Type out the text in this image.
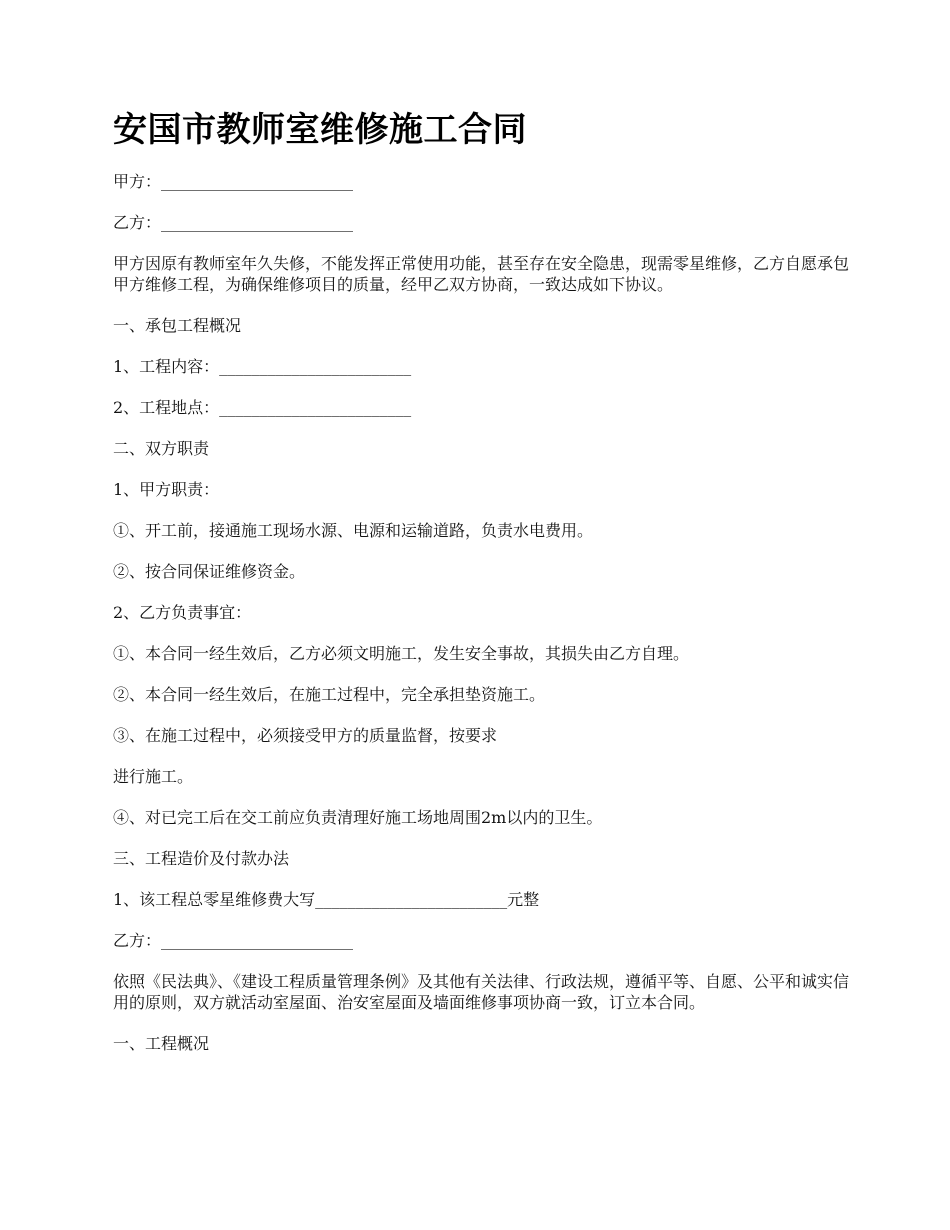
安国市教师室维修施工合同

甲方：________________________

乙方：________________________

甲方因原有教师室年久失修，不能发挥正常使用功能，甚至存在安全隐患，现需零星维修，乙方自愿承包甲方维修工程，为确保维修项目的质量，经甲乙双方协商，一致达成如下协议。

一、承包工程概况

1、工程内容：________________________

2、工程地点：________________________

二、双方职责

1、甲方职责：

①、开工前，接通施工现场水源、电源和运输道路，负责水电费用。

②、按合同保证维修资金。

2、乙方负责事宜：

①、本合同一经生效后，乙方必须文明施工，发生安全事故，其损失由乙方自理。

②、本合同一经生效后，在施工过程中，完全承担垫资施工。

③、在施工过程中，必须接受甲方的质量监督，按要求

进行施工。

④、对已完工后在交工前应负责清理好施工场地周围2m以内的卫生。

三、工程造价及付款办法

1、该工程总零星维修费大写________________________元整

乙方：________________________

依照《民法典》、《建设工程质量管理条例》及其他有关法律、行政法规，遵循平等、自愿、公平和诚实信用的原则，双方就活动室屋面、治安室屋面及墙面维修事项协商一致，订立本合同。

一、工程概况
